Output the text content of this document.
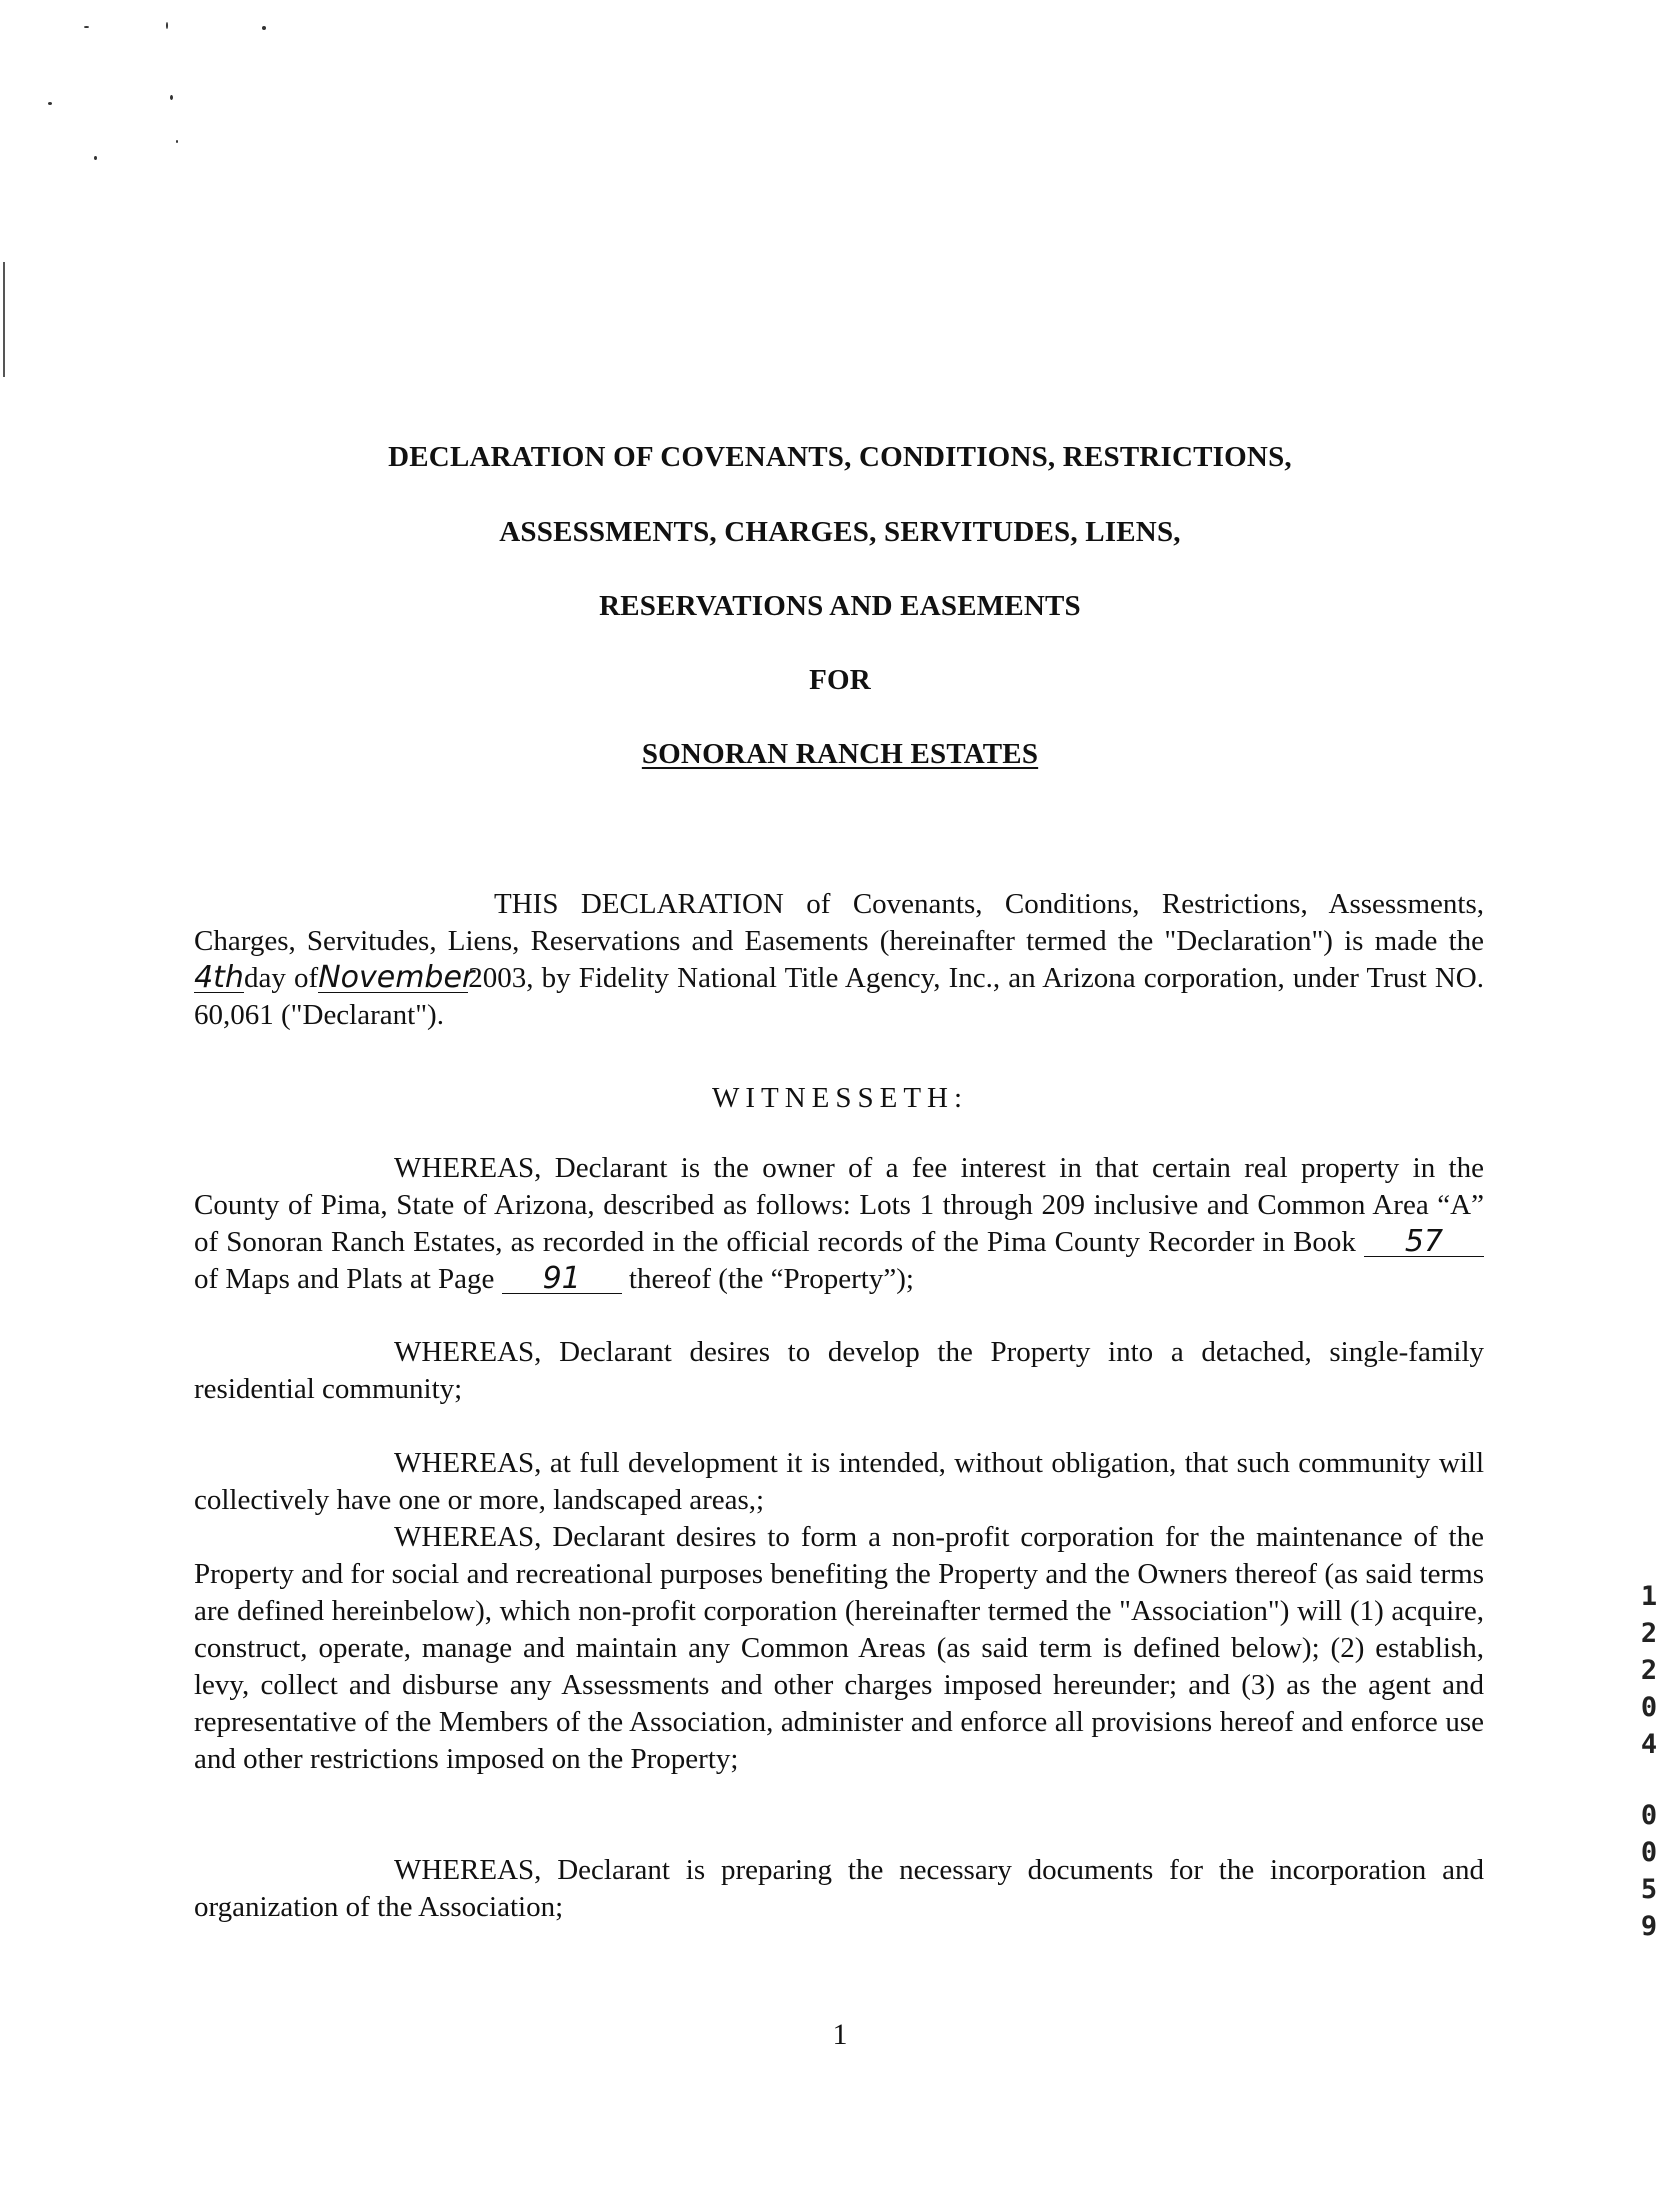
DECLARATION OF COVENANTS, CONDITIONS, RESTRICTIONS,
ASSESSMENTS, CHARGES, SERVITUDES, LIENS,
RESERVATIONS AND EASEMENTS
FOR
SONORAN RANCH ESTATES
THIS DECLARATION of Covenants, Conditions, Restrictions, Assessments, Charges, Servitudes, Liens, Reservations and Easements (hereinafter termed the "Declaration") is made the4thday ofNovember2003, by Fidelity National Title Agency, Inc., an Arizona corporation, under Trust NO. 60,061 ("Declarant").
WITNESSETH:
WHEREAS, Declarant is the owner of a fee interest in that certain real property in the County of Pima, State of Arizona, described as follows: Lots 1 through 209 inclusive and Common Area “A” of Sonoran Ranch Estates, as recorded in the official records of the Pima County Recorder in Book 57 of Maps and Plats at Page 91 thereof (the “Property”);
WHEREAS, Declarant desires to develop the Property into a detached, single-family residential community;
WHEREAS, at full development it is intended, without obligation, that such community will collectively have one or more, landscaped areas,;
WHEREAS, Declarant desires to form a non-profit corporation for the maintenance of the Property and for social and recreational purposes benefiting the Property and the Owners thereof (as said terms are defined hereinbelow), which non-profit corporation (hereinafter termed the "Association") will (1) acquire, construct, operate, manage and maintain any Common Areas (as said term is defined below); (2) establish, levy, collect and disburse any Assessments and other charges imposed hereunder; and (3) as the agent and representative of the Members of the Association, administer and enforce all provisions hereof and enforce use and other restrictions imposed on the Property;
WHEREAS, Declarant is preparing the necessary documents for the incorporation and organization of the Association;
1
1
2
2
0
4
0
0
5
9
